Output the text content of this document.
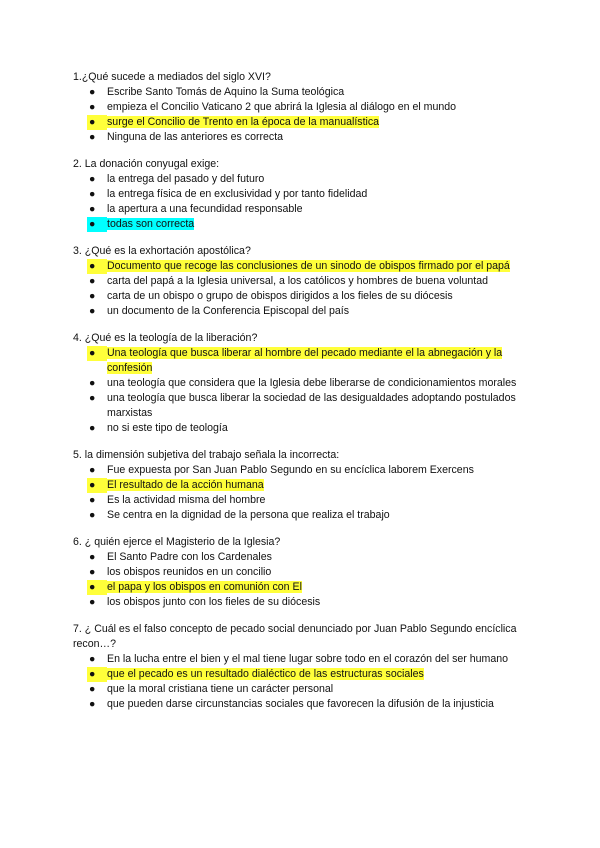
1.¿Qué sucede a mediados del siglo XVI?

●	Escribe Santo Tomás de Aquino la Suma teológica
●	empieza el Concilio Vaticano 2 que abrirá la Iglesia al diálogo en el mundo
●	surge el Concilio de Trento en la época de la manualística
●	Ninguna de las anteriores es correcta

2. La donación conyugal exige:

●	la entrega del pasado y del futuro
●	la entrega física de en exclusividad y por tanto fidelidad
●	la apertura a una fecundidad responsable
●	todas son correcta

3. ¿Qué es la exhortación apostólica?

●	Documento que recoge las conclusiones de un sinodo de obispos firmado por el papá
●	carta del papá a la Iglesia universal, a los católicos y hombres de buena voluntad
●	carta de un obispo o grupo de obispos dirigidos a los fieles de su diócesis
●	un documento de la Conferencia Episcopal del país

4. ¿Qué es la teología de la liberación?

●	Una teología que busca liberar al hombre del pecado mediante el la abnegación y la confesión
●	una teología que considera que la Iglesia debe liberarse de condicionamientos morales
●	una teología que busca liberar la sociedad de las desigualdades adoptando postulados marxistas
●	no si este tipo de teología

5. la dimensión subjetiva del trabajo señala la incorrecta:

●	Fue expuesta por San Juan Pablo Segundo en su encíclica laborem Exercens
●	El resultado de la acción humana
●	Es la actividad misma del hombre
●	Se centra en la dignidad de la persona que realiza el trabajo

6. ¿ quién ejerce el Magisterio de la Iglesia?

●	El Santo Padre con los Cardenales
●	los obispos reunidos en un concilio
●	el papa y los obispos en comunión con El
●	los obispos junto con los fieles de su diócesis

7. ¿ Cuál es el falso concepto de pecado social denunciado por Juan Pablo Segundo encíclica recon…?

●	En la lucha entre el bien y el mal tiene lugar sobre todo en el corazón del ser humano
●	que el pecado es un resultado dialéctico de las estructuras sociales
●	que la moral cristiana tiene un carácter personal
●	que pueden darse circunstancias sociales que favorecen la difusión de la injusticia
